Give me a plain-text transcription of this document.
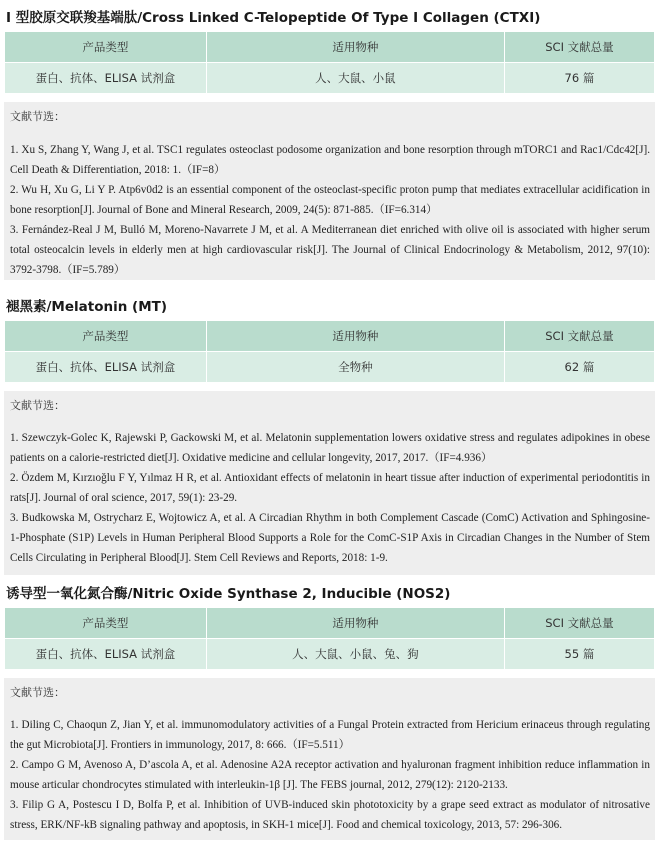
I 型胶原交联羧基端肽/Cross Linked C-Telopeptide Of Type I Collagen (CTXI)
产品类型	适用物种	SCI 文献总量
蛋白、抗体、ELISA 试剂盒	人、大鼠、小鼠	76 篇
文献节选：
1. Xu S, Zhang Y, Wang J, et al. TSC1 regulates osteoclast podosome organization and bone resorption through mTORC1 and Rac1/Cdc42[J]. Cell Death & Differentiation, 2018: 1.（IF=8）
2. Wu H, Xu G, Li Y P. Atp6v0d2 is an essential component of the osteoclast‐specific proton pump that mediates extracellular acidification in bone resorption[J]. Journal of Bone and Mineral Research, 2009, 24(5): 871-885.（IF=6.314）
3. Fernández-Real J M, Bulló M, Moreno-Navarrete J M, et al. A Mediterranean diet enriched with olive oil is associated with higher serum total osteocalcin levels in elderly men at high cardiovascular risk[J]. The Journal of Clinical Endocrinology & Metabolism, 2012, 97(10): 3792-3798.（IF=5.789）
褪黑素/Melatonin (MT)
产品类型	适用物种	SCI 文献总量
蛋白、抗体、ELISA 试剂盒	全物种	62 篇
文献节选：
1. Szewczyk-Golec K, Rajewski P, Gackowski M, et al. Melatonin supplementation lowers oxidative stress and regulates adipokines in obese patients on a calorie-restricted diet[J]. Oxidative medicine and cellular longevity, 2017, 2017.（IF=4.936）
2. Özdem M, Kırzıoğlu F Y, Yılmaz H R, et al. Antioxidant effects of melatonin in heart tissue after induction of experimental periodontitis in rats[J]. Journal of oral science, 2017, 59(1): 23-29.
3. Budkowska M, Ostrycharz E, Wojtowicz A, et al. A Circadian Rhythm in both Complement Cascade (ComC) Activation and Sphingosine-1-Phosphate (S1P) Levels in Human Peripheral Blood Supports a Role for the ComC‐S1P Axis in Circadian Changes in the Number of Stem Cells Circulating in Peripheral Blood[J]. Stem Cell Reviews and Reports, 2018: 1-9.
诱导型一氧化氮合酶/Nitric Oxide Synthase 2, Inducible (NOS2)
产品类型	适用物种	SCI 文献总量
蛋白、抗体、ELISA 试剂盒	人、大鼠、小鼠、兔、狗	55 篇
文献节选：
1. Diling C, Chaoqun Z, Jian Y, et al. immunomodulatory activities of a Fungal Protein extracted from Hericium erinaceus through regulating the gut Microbiota[J]. Frontiers in immunology, 2017, 8: 666.（IF=5.511）
2. Campo G M, Avenoso A, D’ascola A, et al. Adenosine A2A receptor activation and hyaluronan fragment inhibition reduce inflammation in mouse articular chondrocytes stimulated with interleukin‐1β [J]. The FEBS journal, 2012, 279(12): 2120-2133.
3. Filip G A, Postescu I D, Bolfa P, et al. Inhibition of UVB-induced skin phototoxicity by a grape seed extract as modulator of nitrosative stress, ERK/NF-kB signaling pathway and apoptosis, in SKH-1 mice[J]. Food and chemical toxicology, 2013, 57: 296-306.
